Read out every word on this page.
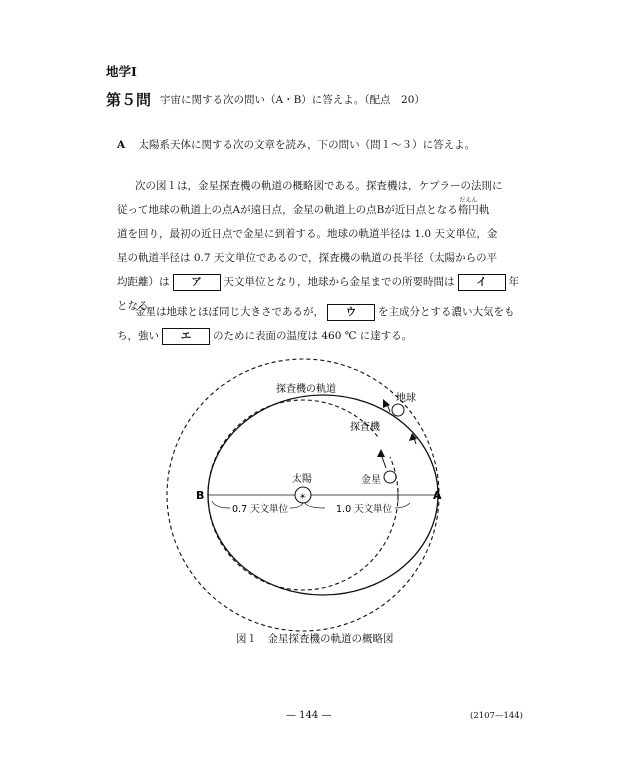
地学Ⅰ
第５問 宇宙に関する次の問い（A・B）に答えよ。（配点　20）
A 太陽系天体に関する次の文章を読み，下の問い（問１～３）に答えよ。
次の図１は，金星探査機の軌道の概略図である。探査機は，ケプラーの法則に
従って地球の軌道上の点Aが遠日点，金星の軌道上の点Bが近日点となる
だえん
楕円軌
道を回り，最初の近日点で金星に到着する。地球の軌道半径は 1.0 天文単位，金
星の軌道半径は 0.7 天文単位であるので，探査機の軌道の長半径（太陽からの平
均距離）は ア 天文単位となり，地球から金星までの所要時間は イ 年
となる。
金星は地球とほぼ同じ大きさであるが， ウ を主成分とする濃い大気をも
ち，強い エ のために表面の温度は 460 ℃ に達する。
☀
探査機の軌道
地球
探査機
太陽	金星
B	A
0.7 天文単位	1.0 天文単位
図１　金星探査機の軌道の概略図
— 144 —	(2107—144)
